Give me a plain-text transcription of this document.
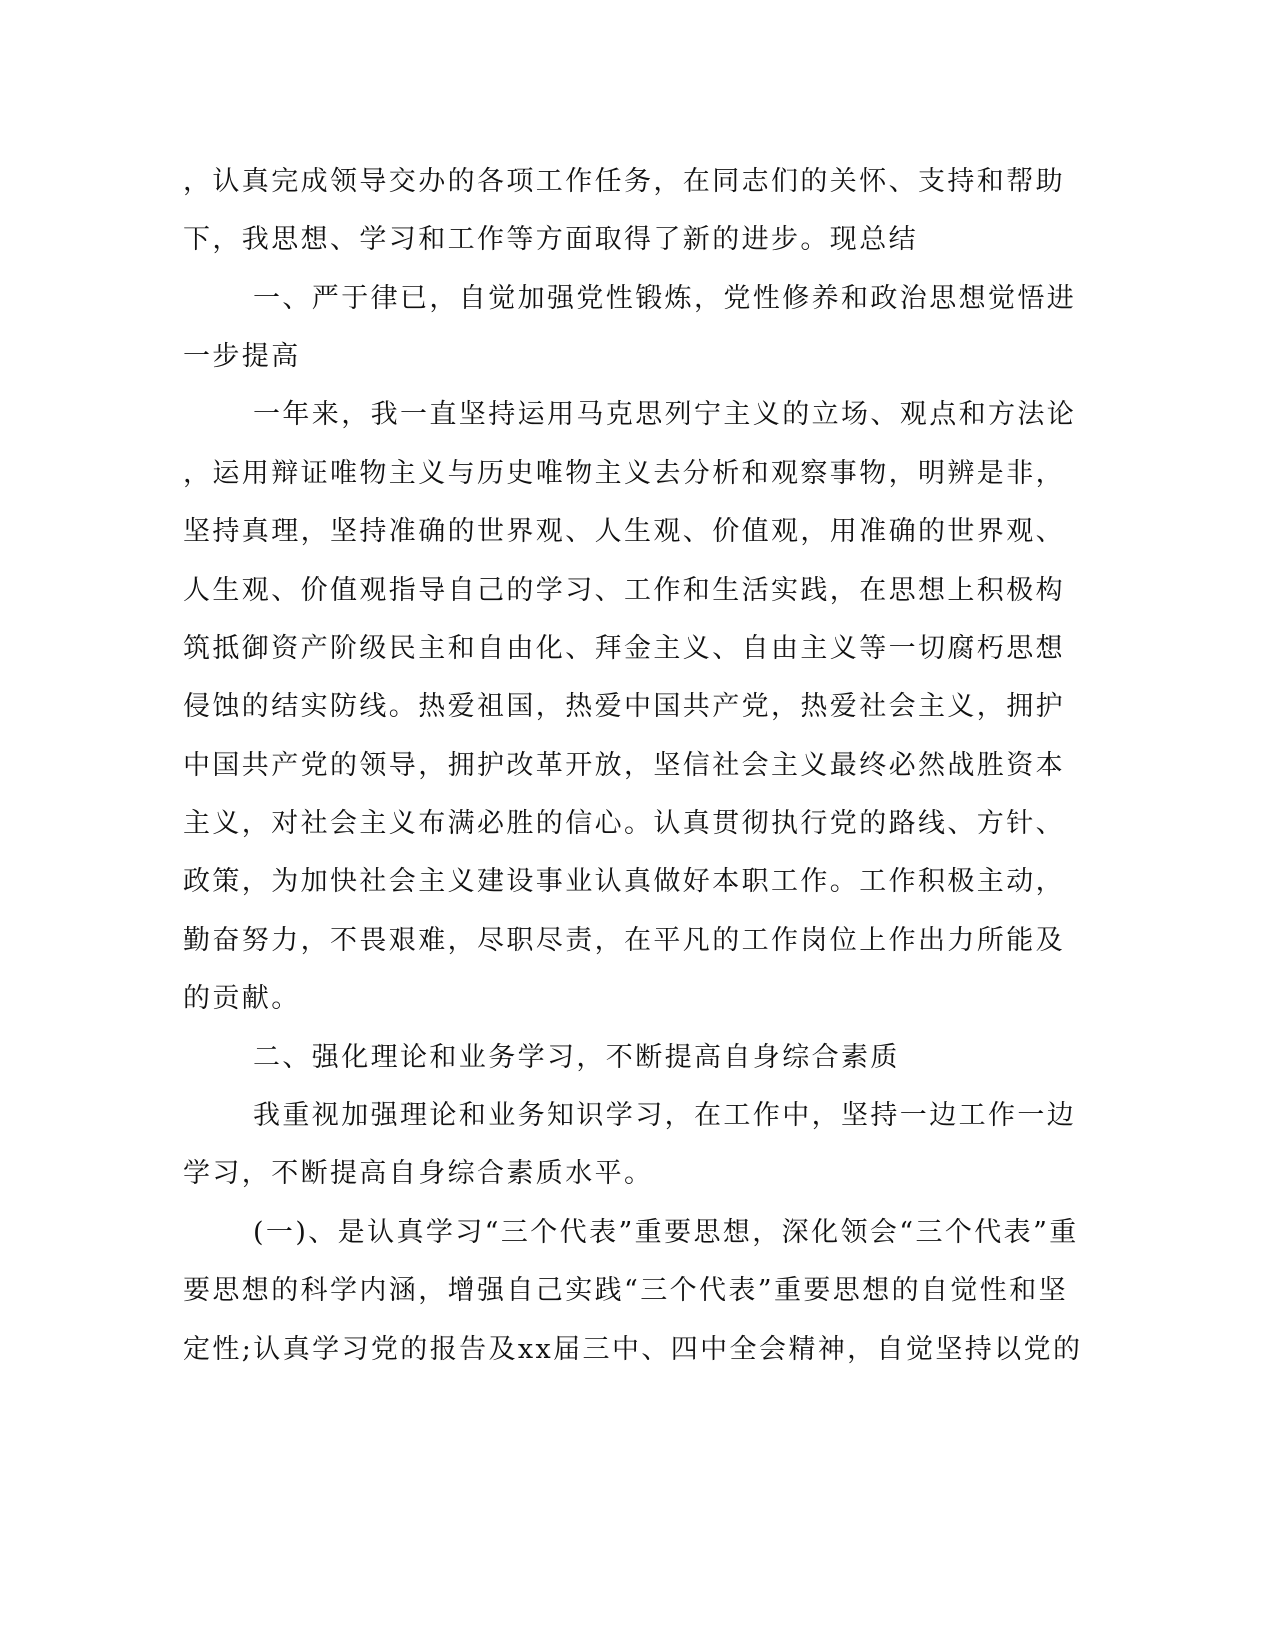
，认真完成领导交办的各项工作任务，在同志们的关怀、支持和帮助

下，我思想、学习和工作等方面取得了新的进步。现总结

一、严于律已，自觉加强党性锻炼，党性修养和政治思想觉悟进

一步提高

一年来，我一直坚持运用马克思列宁主义的立场、观点和方法论

，运用辩证唯物主义与历史唯物主义去分析和观察事物，明辨是非，

坚持真理，坚持准确的世界观、人生观、价值观，用准确的世界观、

人生观、价值观指导自己的学习、工作和生活实践，在思想上积极构

筑抵御资产阶级民主和自由化、拜金主义、自由主义等一切腐朽思想

侵蚀的结实防线。热爱祖国，热爱中国共产党，热爱社会主义，拥护

中国共产党的领导，拥护改革开放，坚信社会主义最终必然战胜资本

主义，对社会主义布满必胜的信心。认真贯彻执行党的路线、方针、

政策，为加快社会主义建设事业认真做好本职工作。工作积极主动，

勤奋努力，不畏艰难，尽职尽责，在平凡的工作岗位上作出力所能及

的贡献。

二、强化理论和业务学习，不断提高自身综合素质

我重视加强理论和业务知识学习，在工作中，坚持一边工作一边

学习，不断提高自身综合素质水平。

(一)、是认真学习“三个代表”重要思想，深化领会“三个代表”重

要思想的科学内涵，增强自己实践“三个代表”重要思想的自觉性和坚

定性;认真学习党的报告及xx届三中、四中全会精神，自觉坚持以党的
